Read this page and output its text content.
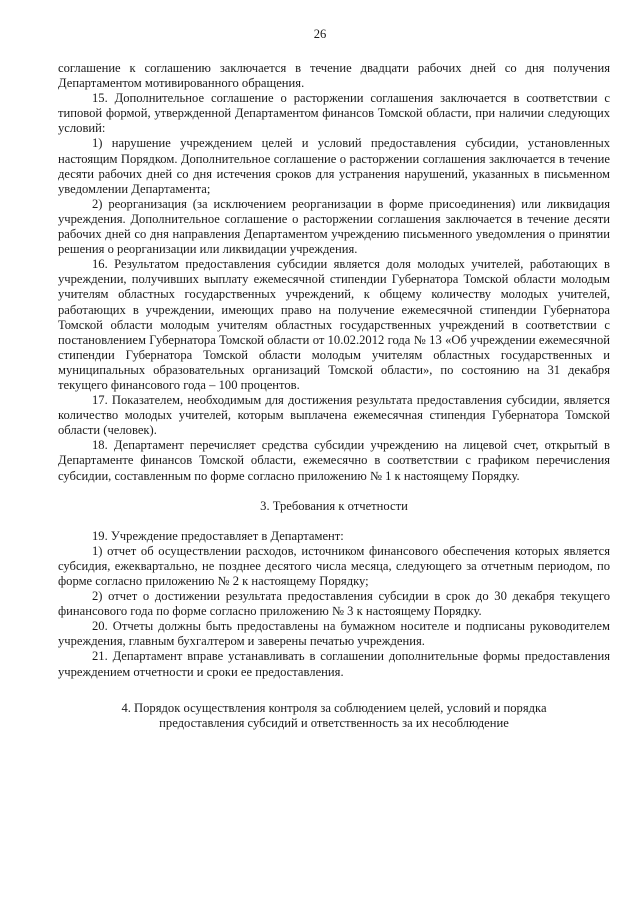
26

соглашение к соглашению заключается в течение двадцати рабочих дней со дня получения Департаментом мотивированного обращения.

15. Дополнительное соглашение о расторжении соглашения заключается в соответствии с типовой формой, утвержденной Департаментом финансов Томской области, при наличии следующих условий:

1) нарушение учреждением целей и условий предоставления субсидии, установленных настоящим Порядком. Дополнительное соглашение о расторжении соглашения заключается в течение десяти рабочих дней со дня истечения сроков для устранения нарушений, указанных в письменном уведомлении Департамента;

2) реорганизация (за исключением реорганизации в форме присоединения) или ликвидация учреждения. Дополнительное соглашение о расторжении соглашения заключается в течение десяти рабочих дней со дня направления Департаментом учреждению письменного уведомления о принятии решения о реорганизации или ликвидации учреждения.

16. Результатом предоставления субсидии является доля молодых учителей, работающих в учреждении, получивших выплату ежемесячной стипендии Губернатора Томской области молодым учителям областных государственных учреждений, к общему количеству молодых учителей, работающих в учреждении, имеющих право на получение ежемесячной стипендии Губернатора Томской области молодым учителям областных государственных учреждений в соответствии с постановлением Губернатора Томской области от 10.02.2012 года № 13 «Об учреждении ежемесячной стипендии Губернатора Томской области молодым учителям областных государственных и муниципальных образовательных организаций Томской области», по состоянию на 31 декабря текущего финансового года – 100 процентов.

17. Показателем, необходимым для достижения результата предоставления субсидии, является количество молодых учителей, которым выплачена ежемесячная стипендия Губернатора Томской области (человек).

18. Департамент перечисляет средства субсидии учреждению на лицевой счет, открытый в Департаменте финансов Томской области, ежемесячно в соответствии с графиком перечисления субсидии, составленным по форме согласно приложению № 1 к настоящему Порядку.

3. Требования к отчетности

19. Учреждение предоставляет в Департамент:

1) отчет об осуществлении расходов, источником финансового обеспечения которых является субсидия, ежеквартально, не позднее десятого числа месяца, следующего за отчетным периодом, по форме согласно приложению № 2 к настоящему Порядку;

2) отчет о достижении результата предоставления субсидии в срок до 30 декабря текущего финансового года по форме согласно приложению № 3 к настоящему Порядку.

20. Отчеты должны быть предоставлены на бумажном носителе и подписаны руководителем учреждения, главным бухгалтером и заверены печатью учреждения.

21. Департамент вправе устанавливать в соглашении дополнительные формы предоставления учреждением отчетности и сроки ее предоставления.

4. Порядок осуществления контроля за соблюдением целей, условий и порядка

предоставления субсидий и ответственность за их несоблюдение
